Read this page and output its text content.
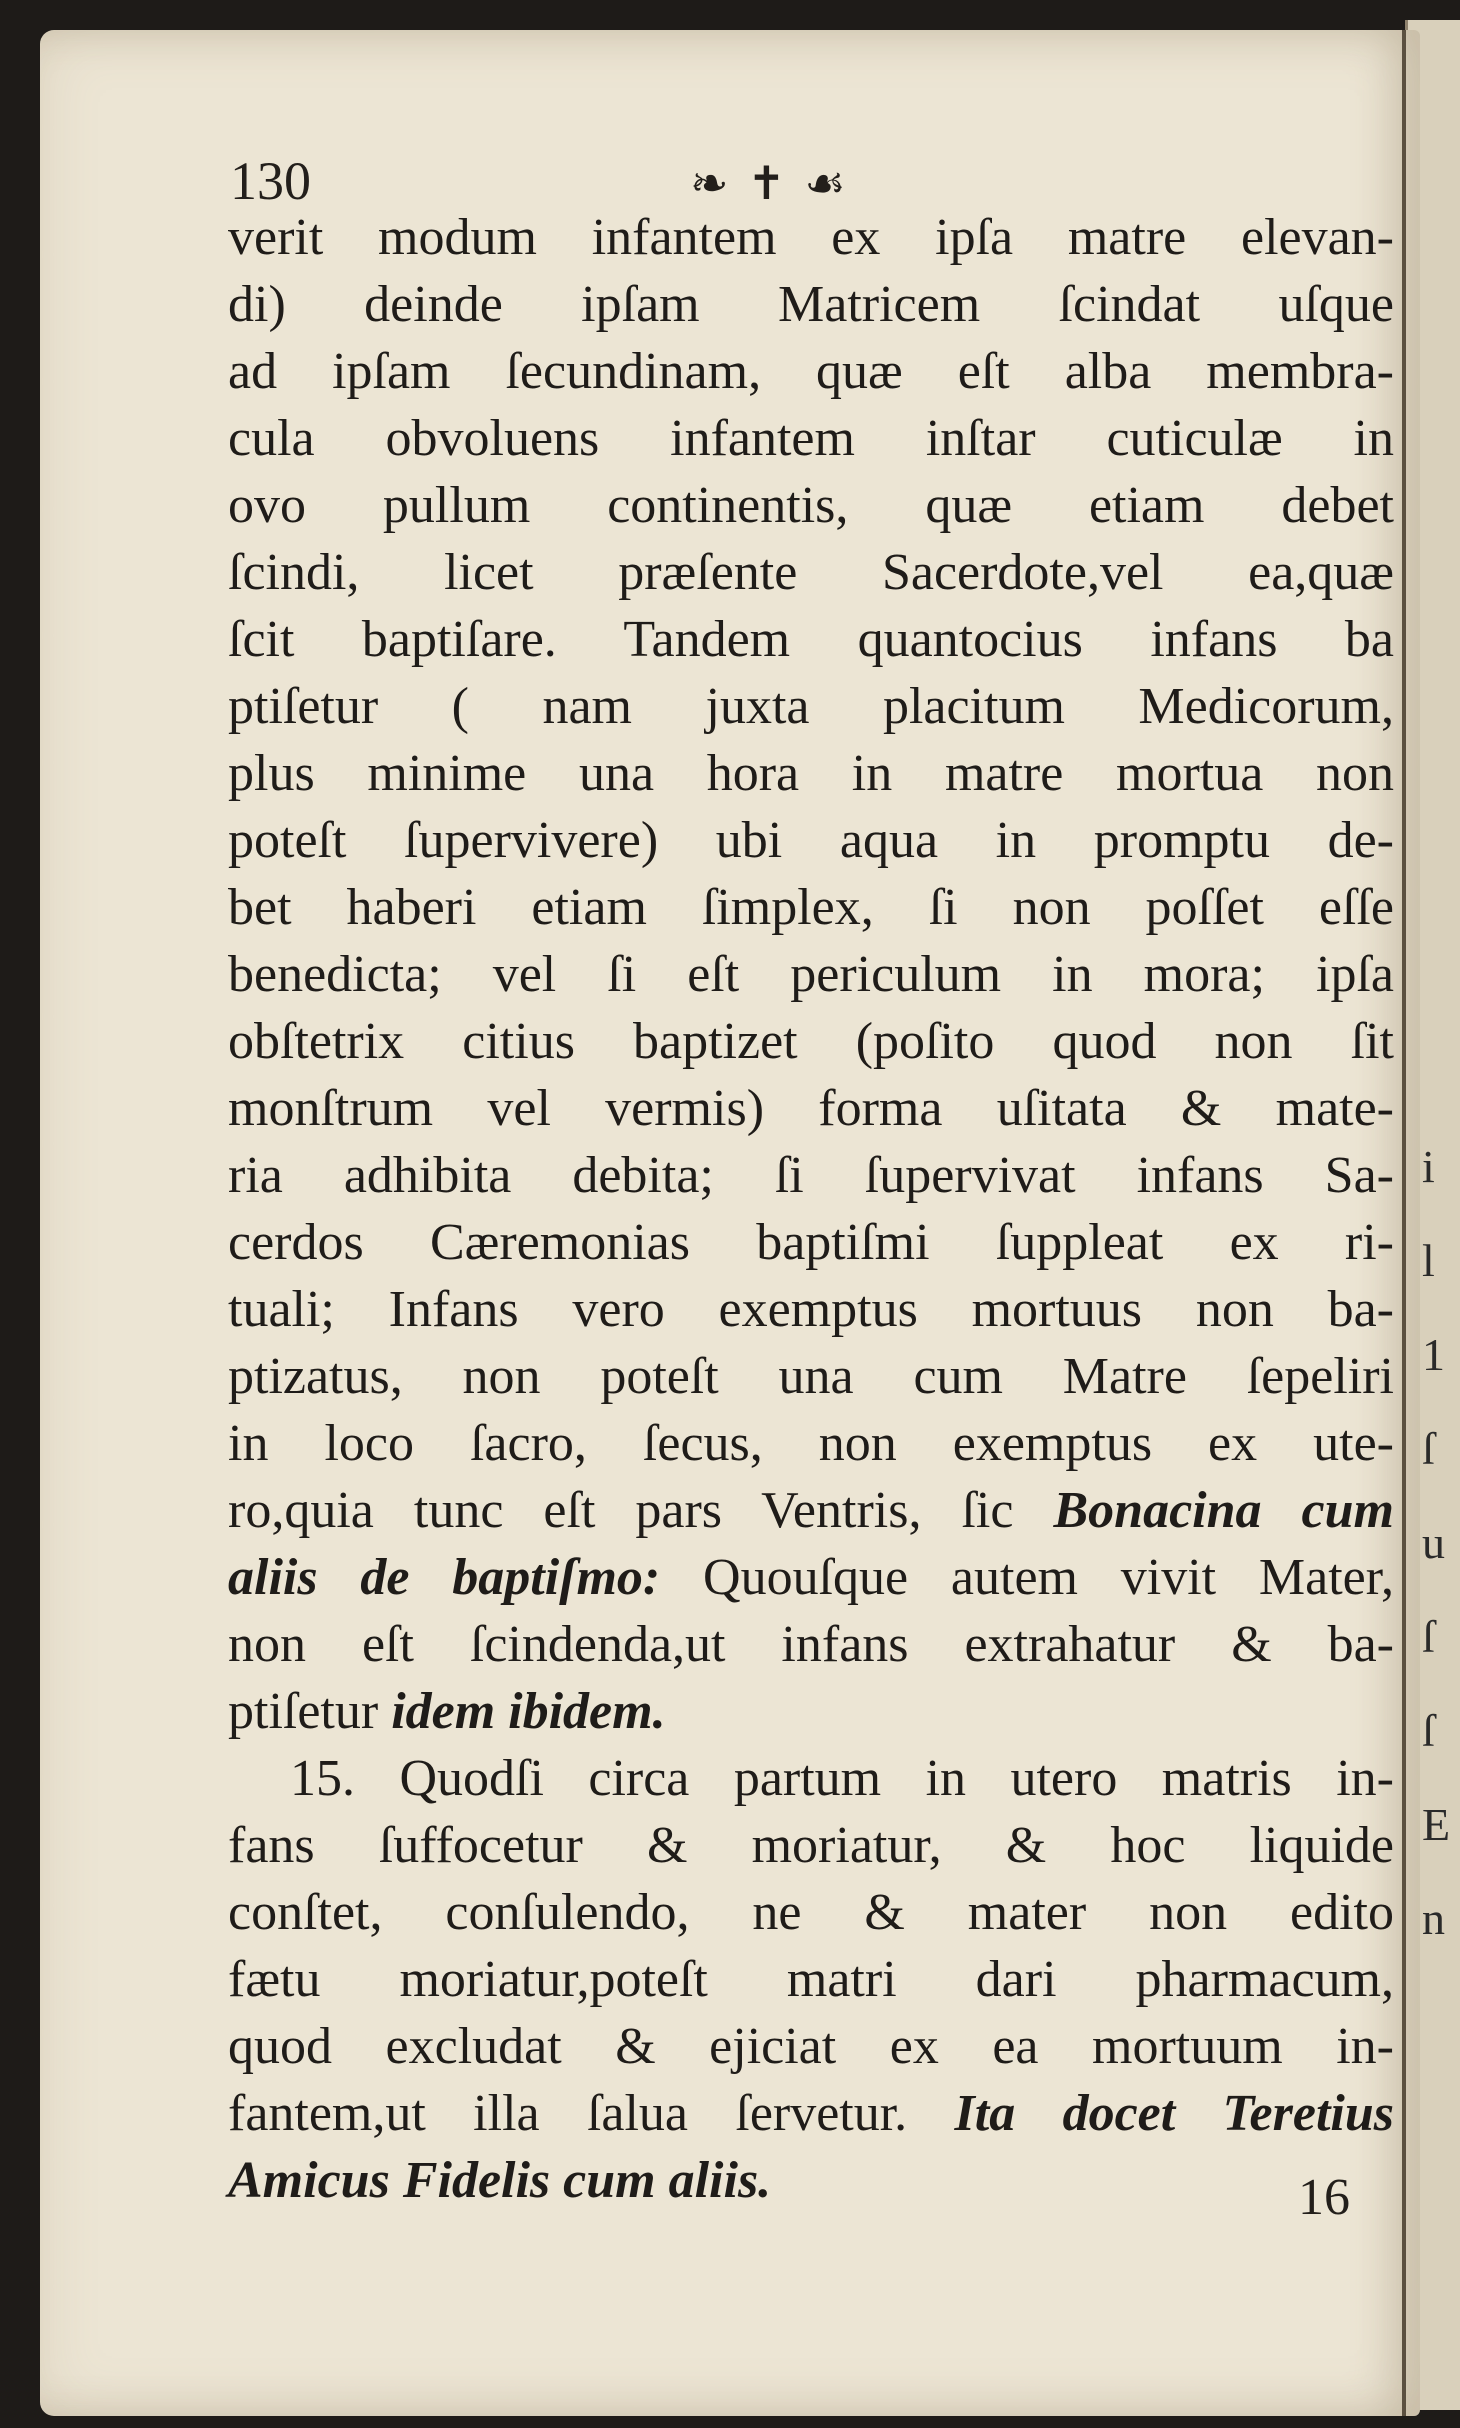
i
l
1
ſ
u
ſ
ſ
E
n
130	❧ ✝ ☙
verit modum infantem ex ipſa matre elevan-
di) deinde ipſam Matricem ſcindat uſque
ad ipſam ſecundinam, quæ eſt alba membra-
cula obvoluens infantem inſtar cuticulæ in
ovo pullum continentis, quæ etiam debet
ſcindi, licet præſente Sacerdote,vel ea,quæ
ſcit baptiſare. Tandem quantocius infans ba
ptiſetur ( nam juxta placitum Medicorum,
plus minime una hora in matre mortua non
poteſt ſupervivere) ubi aqua in promptu de-
bet haberi etiam ſimplex, ſi non poſſet eſſe
benedicta; vel ſi eſt periculum in mora; ipſa
obſtetrix citius baptizet (poſito quod non ſit
monſtrum vel vermis) forma uſitata & mate-
ria adhibita debita; ſi ſupervivat infans Sa-
cerdos Cæremonias baptiſmi ſuppleat ex ri-
tuali; Infans vero exemptus mortuus non ba-
ptizatus, non poteſt una cum Matre ſepeliri
in loco ſacro, ſecus, non exemptus ex ute-
ro,quia tunc eſt pars Ventris, ſic Bonacina cum
aliis de baptiſmo: Quouſque autem vivit Mater,
non eſt ſcindenda,ut infans extrahatur & ba-
ptiſetur idem ibidem.
15. Quodſi circa partum in utero matris in-
fans ſuffocetur & moriatur, & hoc liquide
conſtet, conſulendo, ne & mater non edito
fætu moriatur,poteſt matri dari pharmacum,
quod excludat & ejiciat ex ea mortuum in-
fantem,ut illa ſalua ſervetur. Ita docet Teretius
Amicus Fidelis cum aliis.	16
